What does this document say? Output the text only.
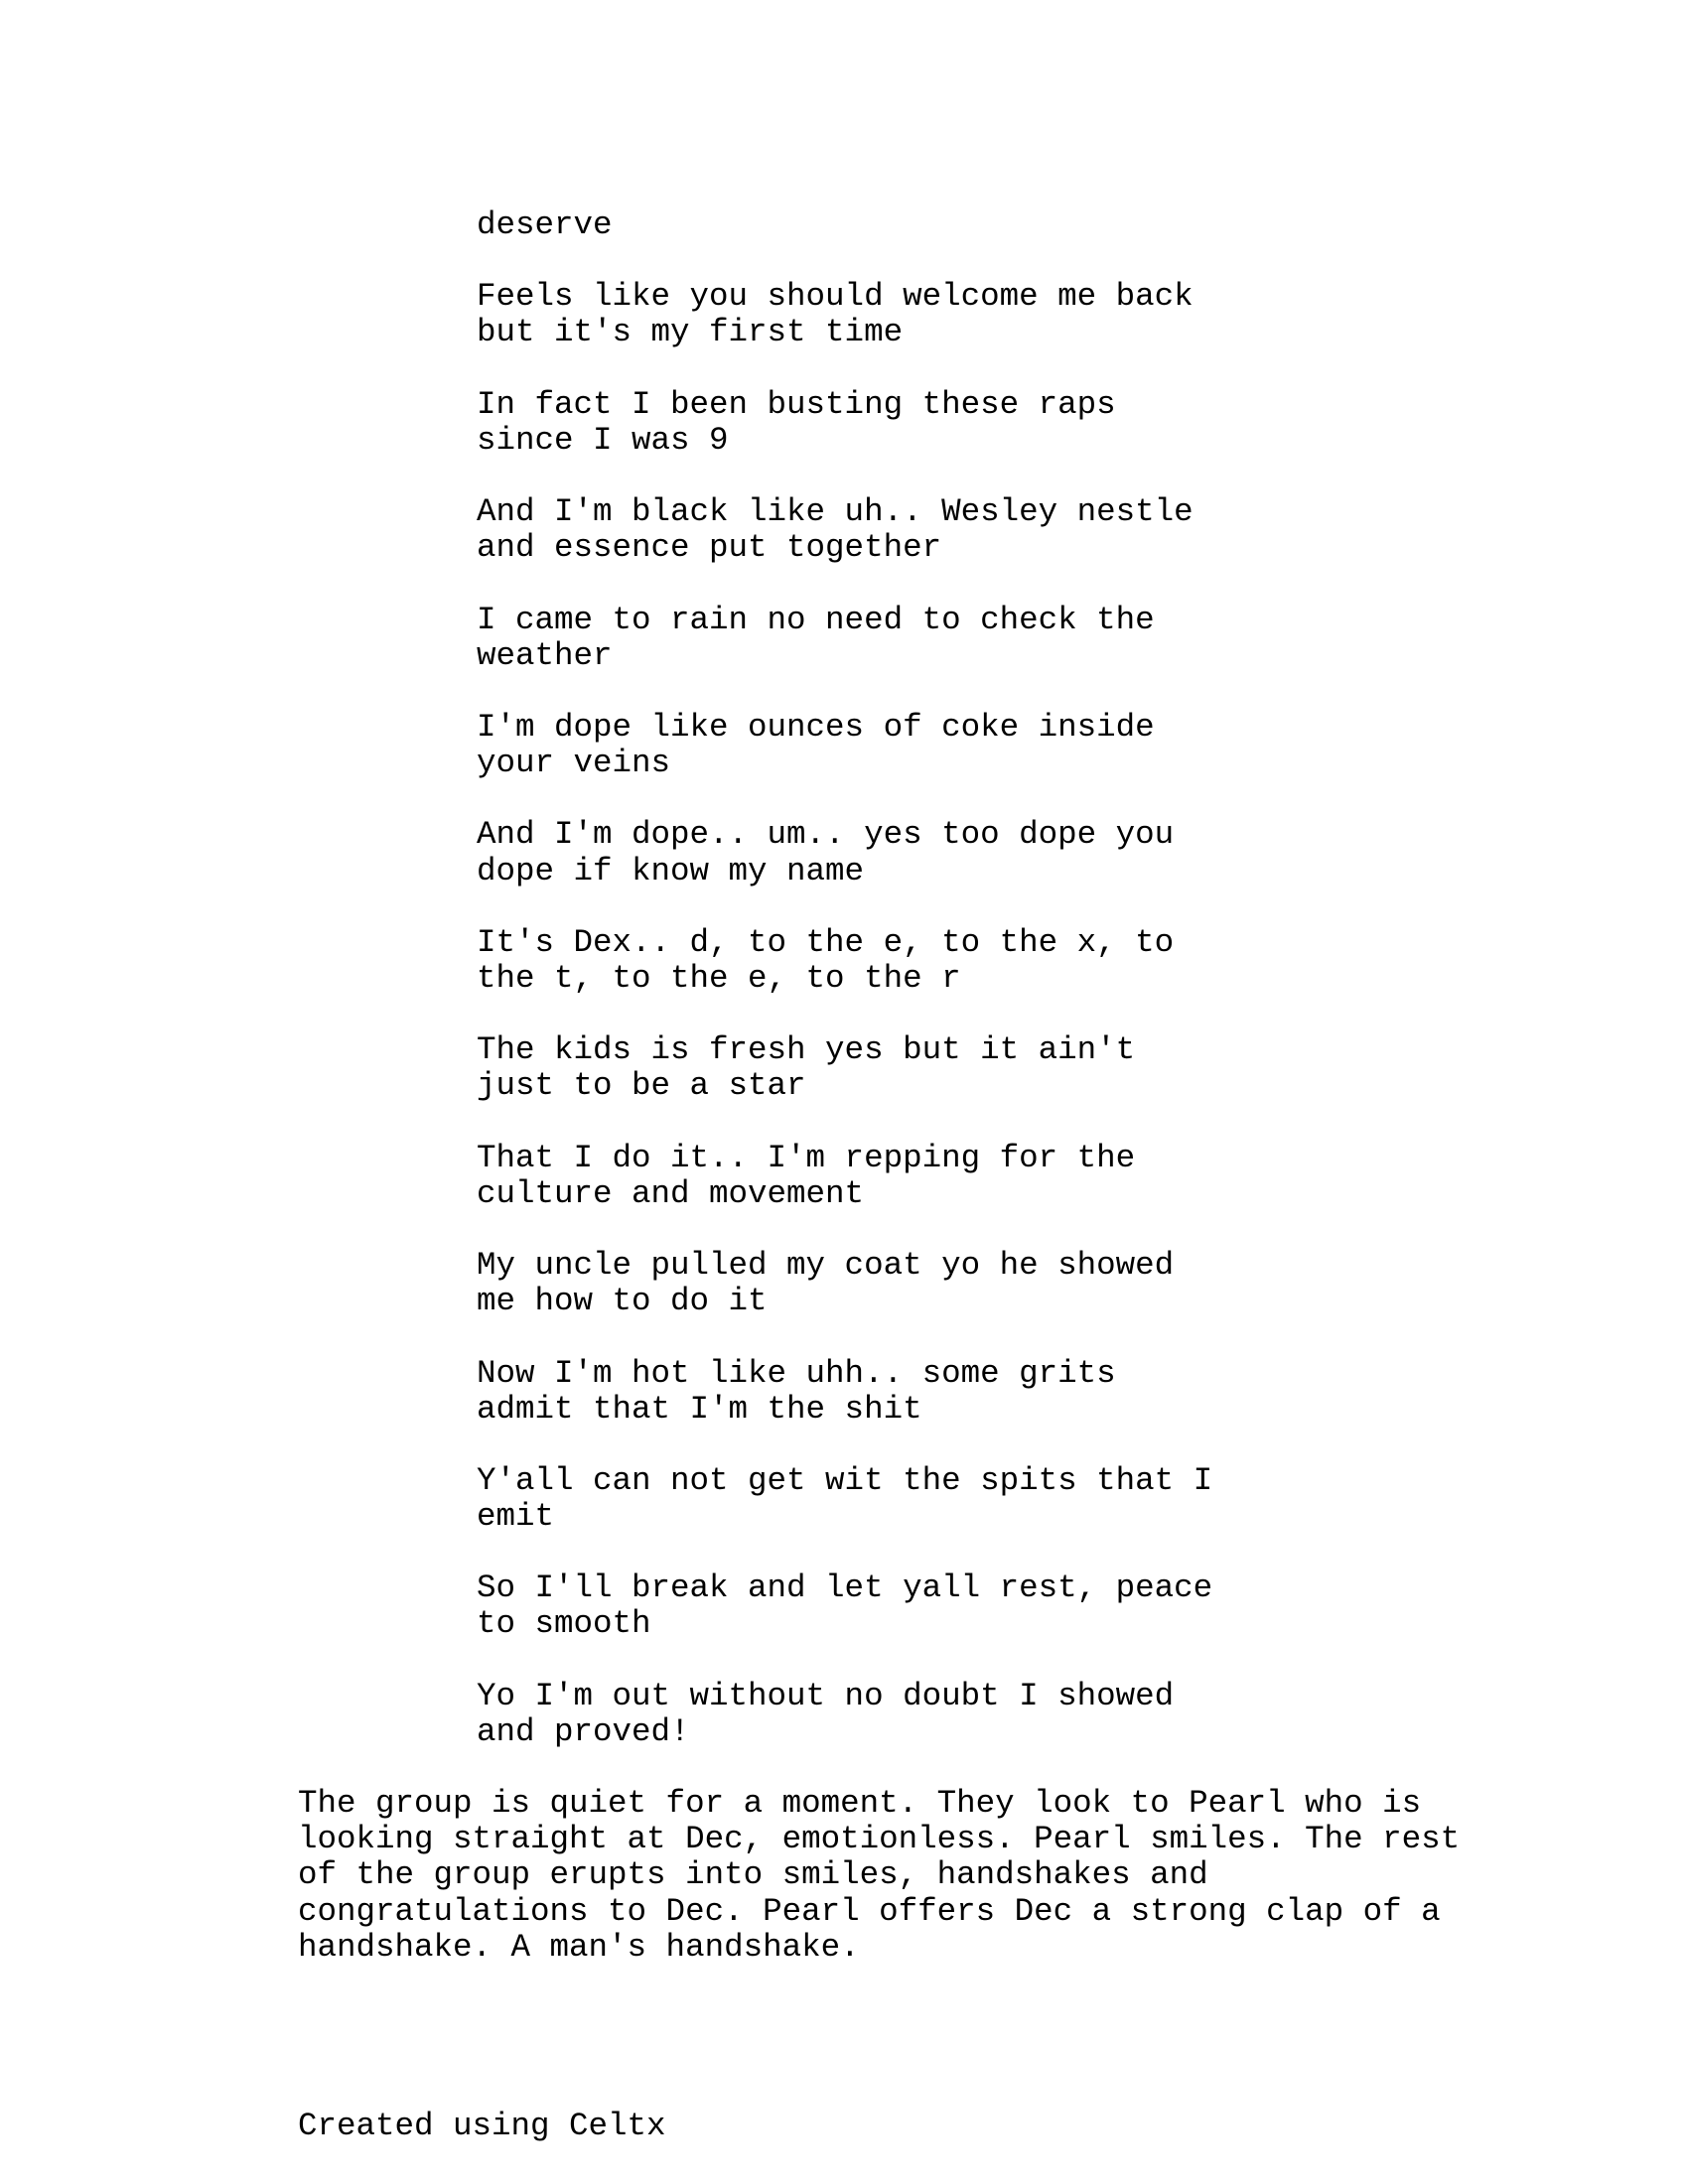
deserve
Feels like you should welcome me back
but it's my first time
In fact I been busting these raps
since I was 9
And I'm black like uh.. Wesley nestle
and essence put together
I came to rain no need to check the
weather
I'm dope like ounces of coke inside
your veins
And I'm dope.. um.. yes too dope you
dope if know my name
It's Dex.. d, to the e, to the x, to
the t, to the e, to the r
The kids is fresh yes but it ain't
just to be a star
That I do it.. I'm repping for the
culture and movement
My uncle pulled my coat yo he showed
me how to do it
Now I'm hot like uhh.. some grits
admit that I'm the shit
Y'all can not get wit the spits that I
emit
So I'll break and let yall rest, peace
to smooth
Yo I'm out without no doubt I showed
and proved!
The group is quiet for a moment. They look to Pearl who is
looking straight at Dec, emotionless. Pearl smiles. The rest
of the group erupts into smiles, handshakes and
congratulations to Dec. Pearl offers Dec a strong clap of a
handshake. A man's handshake.
Created using Celtx
